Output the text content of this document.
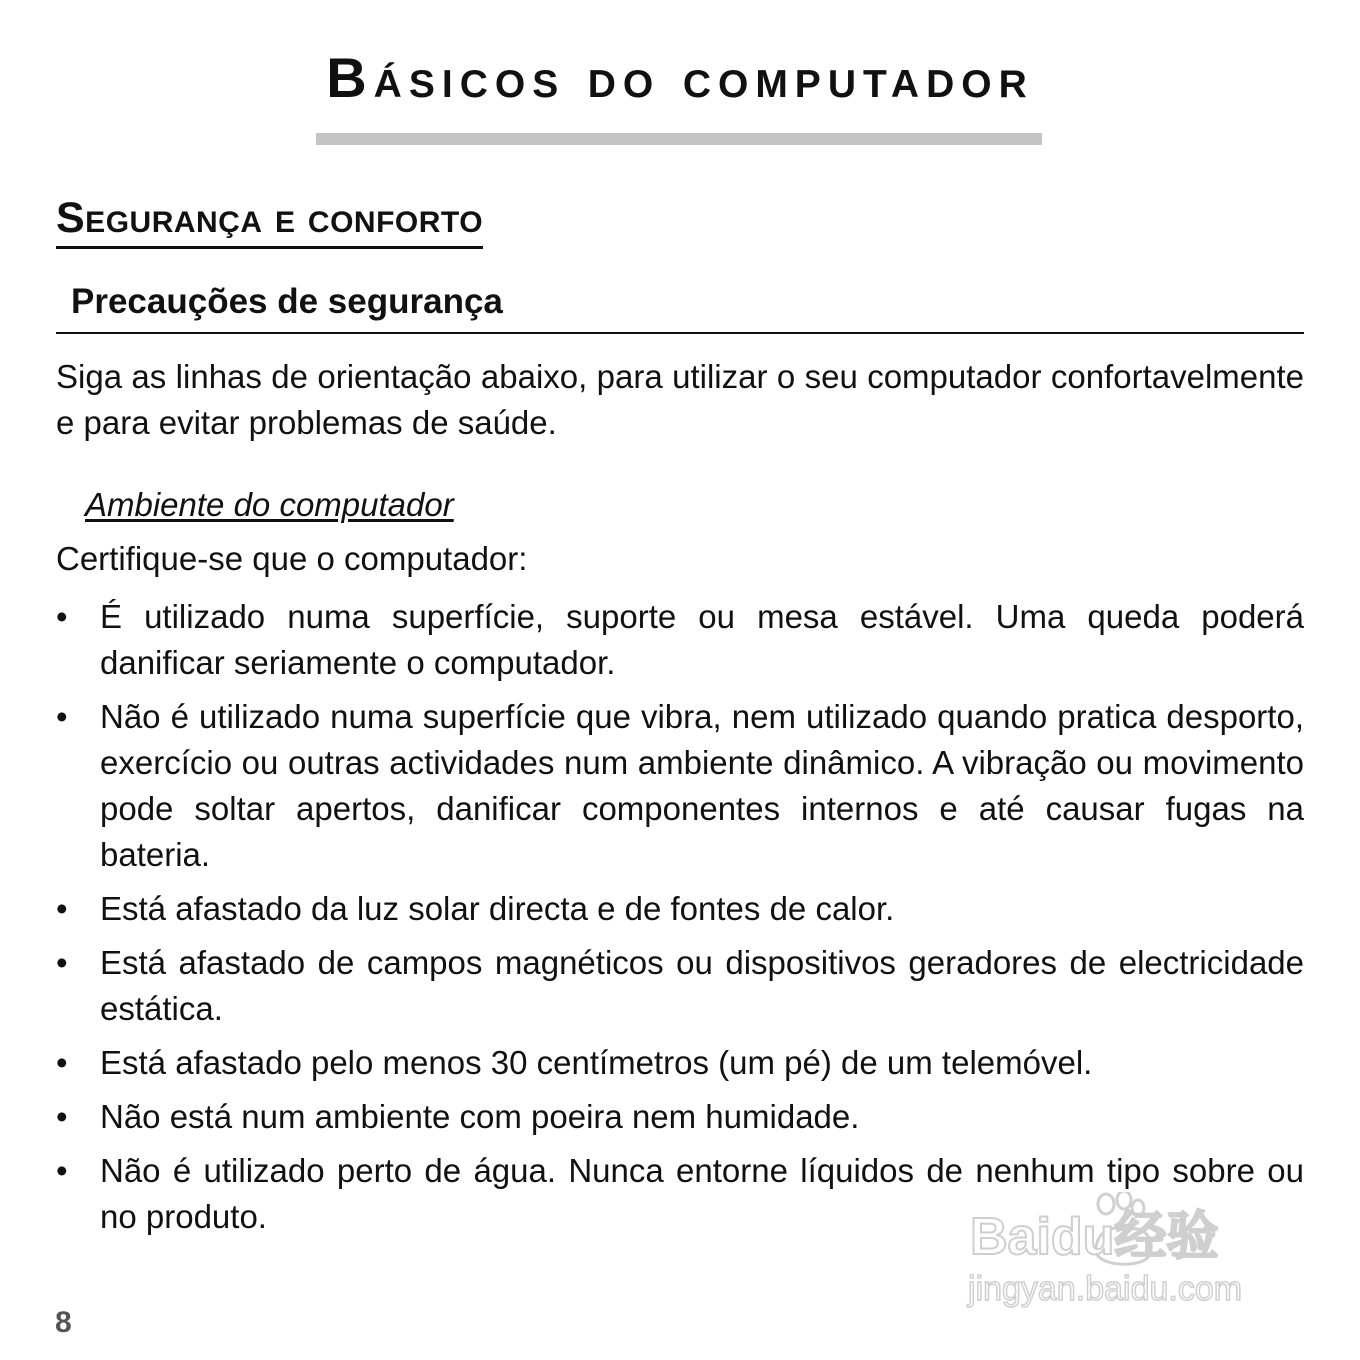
Básicos do computador
Segurança e conforto
Precauções de segurança

Siga as linhas de orientação abaixo, para utilizar o seu computador confortavelmente e para evitar problemas de saúde.

Ambiente do computador

Certifique-se que o computador:

• É utilizado numa superfície, suporte ou mesa estável. Uma queda poderá danificar seriamente o computador.
• Não é utilizado numa superfície que vibra, nem utilizado quando pratica desporto, exercício ou outras actividades num ambiente dinâmico. A vibração ou movimento pode soltar apertos, danificar componentes internos e até causar fugas na bateria.
• Está afastado da luz solar directa e de fontes de calor.
• Está afastado de campos magnéticos ou dispositivos geradores de electricidade estática.
• Está afastado pelo menos 30 centímetros (um pé) de um telemóvel.
• Não está num ambiente com poeira nem humidade.
• Não é utilizado perto de água. Nunca entorne líquidos de nenhum tipo sobre ou no produto.
8
Baidu经验
jingyan.baidu.com
